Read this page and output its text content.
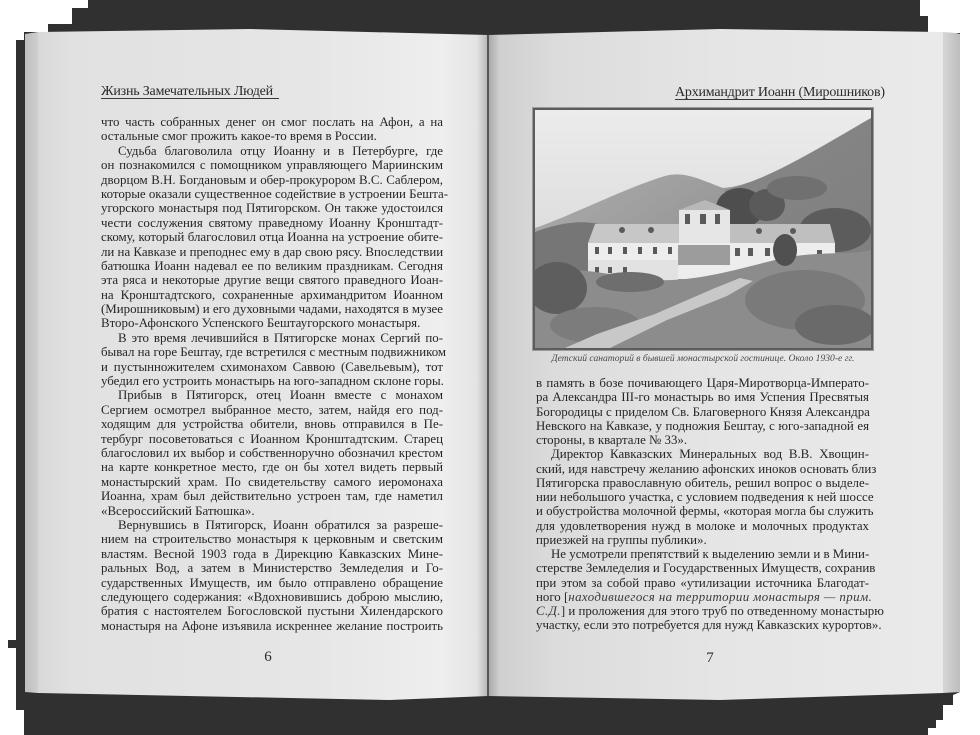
Жизнь Замечательных Людей
что часть собранных денег он смог послать на Афон, а на
остальные смог прожить какое-то время в России.
Судьба благоволила отцу Иоанну и в Петербурге, где
он познакомился с помощником управляющего Мариинским
дворцом В.Н. Богдановым и обер-прокурором В.С. Саблером,
которые оказали существенное содействие в устроении Бешта-
угорского монастыря под Пятигорском. Он также удостоился
чести сослужения святому праведному Иоанну Кронштадт-
скому, который благословил отца Иоанна на устроение обите-
ли на Кавказе и преподнес ему в дар свою рясу. Впоследствии
батюшка Иоанн надевал ее по великим праздникам. Сегодня
эта ряса и некоторые другие вещи святого праведного Иоан-
на Кронштадтского, сохраненные архимандритом Иоанном
(Мирошниковым) и его духовными чадами, находятся в музее
Второ-Афонского Успенского Бештаугорского монастыря.
В это время лечившийся в Пятигорске монах Сергий по-
бывал на горе Бештау, где встретился с местным подвижником
и пустынножителем схимонахом Саввою (Савельевым), тот
убедил его устроить монастырь на юго-западном склоне горы.
Прибыв в Пятигорск, отец Иоанн вместе с монахом
Сергием осмотрел выбранное место, затем, найдя его под-
ходящим для устройства обители, вновь отправился в Пе-
тербург посоветоваться с Иоанном Кронштадтским. Старец
благословил их выбор и собственноручно обозначил крестом
на карте конкретное место, где он бы хотел видеть первый
монастырский храм. По свидетельству самого иеромонаха
Иоанна, храм был действительно устроен там, где наметил
«Всероссийский Батюшка».
Вернувшись в Пятигорск, Иоанн обратился за разреше-
нием на строительство монастыря к церковным и светским
властям. Весной 1903 года в Дирекцию Кавказских Мине-
ральных Вод, а затем в Министерство Земледелия и Го-
сударственных Имуществ, им было отправлено обращение
следующего содержания: «Вдохновившись доброю мыслию,
братия с настоятелем Богословской пустыни Хилендарского
монастыря на Афоне изъявила искреннее желание построить
6
Архимандрит Иоанн (Мирошников)
Детский санаторий в бывшей монастырской гостинице. Около 1930-е гг.
в память в бозе почивающего Царя-Миротворца-Императо-
ра Александра III-го монастырь во имя Успения Пресвятыя
Богородицы с приделом Св. Благоверного Князя Александра
Невского на Кавказе, у подножия Бештау, с юго-западной ея
стороны, в квартале № 33».
Директор Кавказских Минеральных вод В.В. Хвощин-
ский, идя навстречу желанию афонских иноков основать близ
Пятигорска православную обитель, решил вопрос о выделе-
нии небольшого участка, с условием подведения к ней шоссе
и обустройства молочной фермы, «которая могла бы служить
для удовлетворения нужд в молоке и молочных продуктах
приезжей на группы публики».
Не усмотрели препятствий к выделению земли и в Мини-
стерстве Земледелия и Государственных Имуществ, сохранив
при этом за собой право «утилизации источника Благодат-
ного [находившегося на территории монастыря — прим.
С.Д.] и проложения для этого труб по отведенному монастырю
участку, если это потребуется для нужд Кавказских курортов».
7
